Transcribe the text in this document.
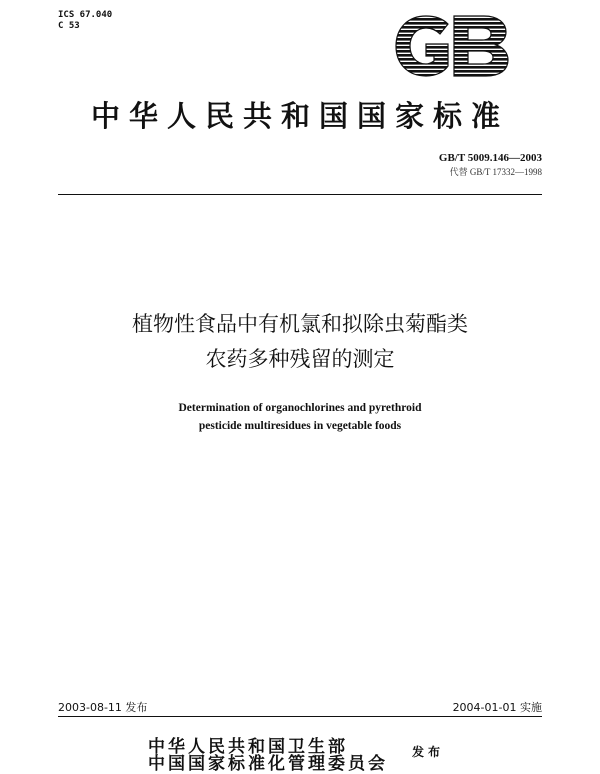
ICS 67.040
C 53
中华人民共和国国家标准
GB/T 5009.146—2003
代替 GB/T 17332—1998
植物性食品中有机氯和拟除虫菊酯类
农药多种残留的测定
Determination of organochlorines and pyrethroid
pesticide multiresidues in vegetable foods
2003-08-11 发布	2004-01-01 实施
中华人民共和国卫生部
中国国家标准化管理委员会
发布
